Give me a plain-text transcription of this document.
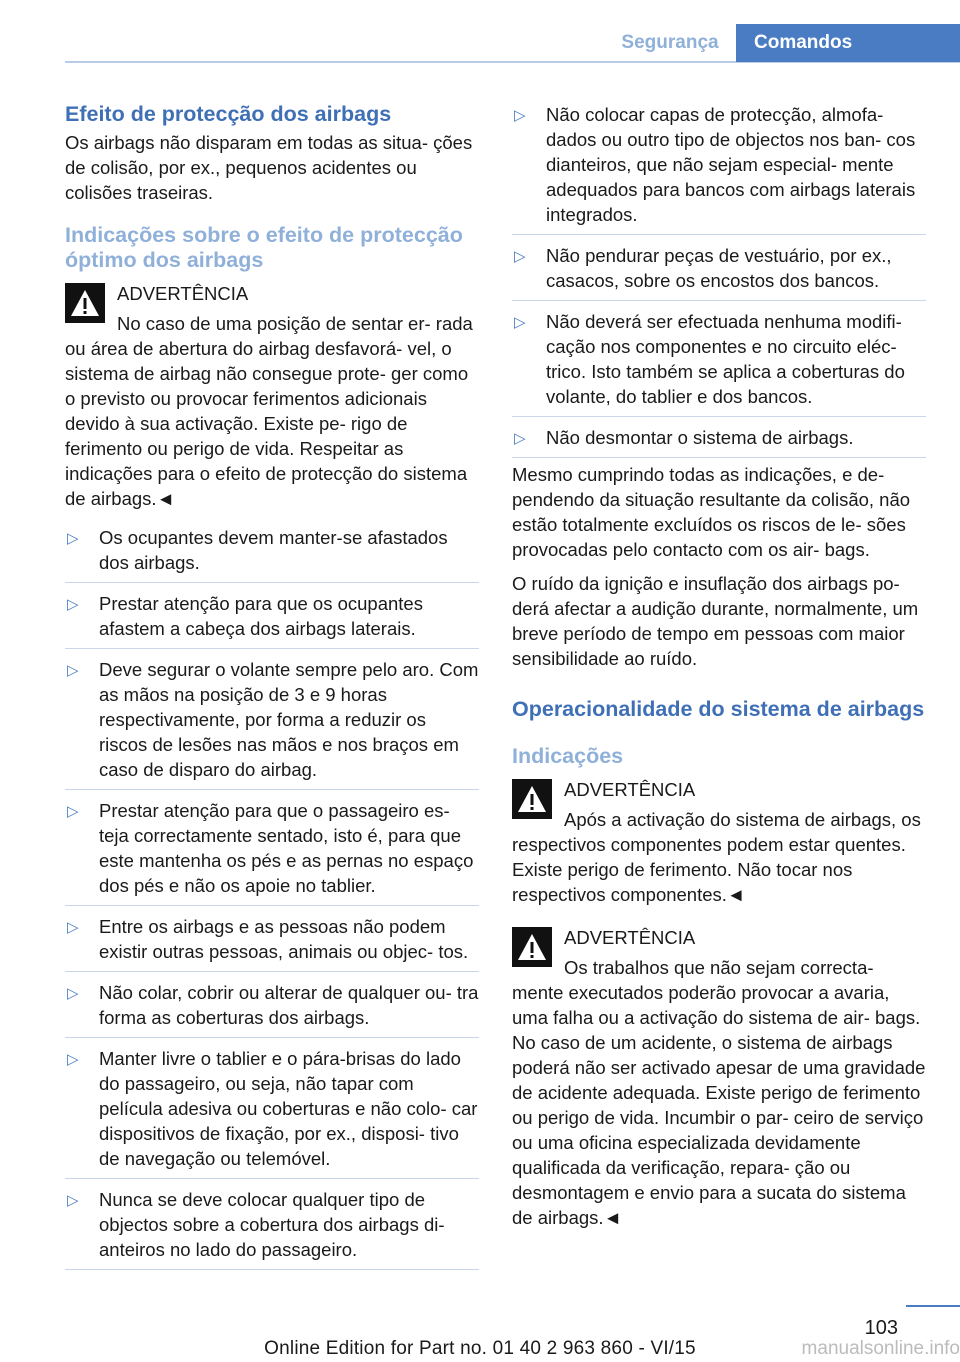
Segurança	Comandos
Efeito de protecção dos airbags
Os airbags não disparam em todas as situa- ções de colisão, por ex., pequenos acidentes ou colisões traseiras.
Indicações sobre o efeito de protecção óptimo dos airbags
ADVERTÊNCIA
No caso de uma posição de sentar er- rada ou área de abertura do airbag desfavorá- vel, o sistema de airbag não consegue prote- ger como o previsto ou provocar ferimentos adicionais devido à sua activação. Existe pe- rigo de ferimento ou perigo de vida. Respeitar as indicações para o efeito de protecção do sistema de airbags.◄
▷ Os ocupantes devem manter-se afastados dos airbags.
▷ Prestar atenção para que os ocupantes afastem a cabeça dos airbags laterais.
▷ Deve segurar o volante sempre pelo aro. Com as mãos na posição de 3 e 9 horas respectivamente, por forma a reduzir os riscos de lesões nas mãos e nos braços em caso de disparo do airbag.
▷ Prestar atenção para que o passageiro es- teja correctamente sentado, isto é, para que este mantenha os pés e as pernas no espaço dos pés e não os apoie no tablier.
▷ Entre os airbags e as pessoas não podem existir outras pessoas, animais ou objec- tos.
▷ Não colar, cobrir ou alterar de qualquer ou- tra forma as coberturas dos airbags.
▷ Manter livre o tablier e o pára-brisas do lado do passageiro, ou seja, não tapar com película adesiva ou coberturas e não colo- car dispositivos de fixação, por ex., disposi- tivo de navegação ou telemóvel.
▷ Nunca se deve colocar qualquer tipo de objectos sobre a cobertura dos airbags di- anteiros no lado do passageiro.
▷ Não colocar capas de protecção, almofa- dados ou outro tipo de objectos nos ban- cos dianteiros, que não sejam especial- mente adequados para bancos com airbags laterais integrados.
▷ Não pendurar peças de vestuário, por ex., casacos, sobre os encostos dos bancos.
▷ Não deverá ser efectuada nenhuma modifi- cação nos componentes e no circuito eléc- trico. Isto também se aplica a coberturas do volante, do tablier e dos bancos.
▷ Não desmontar o sistema de airbags.
Mesmo cumprindo todas as indicações, e de- pendendo da situação resultante da colisão, não estão totalmente excluídos os riscos de le- sões provocadas pelo contacto com os air- bags.
O ruído da ignição e insuflação dos airbags po- derá afectar a audição durante, normalmente, um breve período de tempo em pessoas com maior sensibilidade ao ruído.
Operacionalidade do sistema de airbags
Indicações
ADVERTÊNCIA
Após a activação do sistema de airbags, os respectivos componentes podem estar quentes. Existe perigo de ferimento. Não tocar nos respectivos componentes.◄
ADVERTÊNCIA
Os trabalhos que não sejam correcta- mente executados poderão provocar a avaria, uma falha ou a activação do sistema de air- bags. No caso de um acidente, o sistema de airbags poderá não ser activado apesar de uma gravidade de acidente adequada. Existe perigo de ferimento ou perigo de vida. Incumbir o par- ceiro de serviço ou uma oficina especializada devidamente qualificada da verificação, repara- ção ou desmontagem e envio para a sucata do sistema de airbags.◄
103
Online Edition for Part no. 01 40 2 963 860 - VI/15	manualsonline.info
